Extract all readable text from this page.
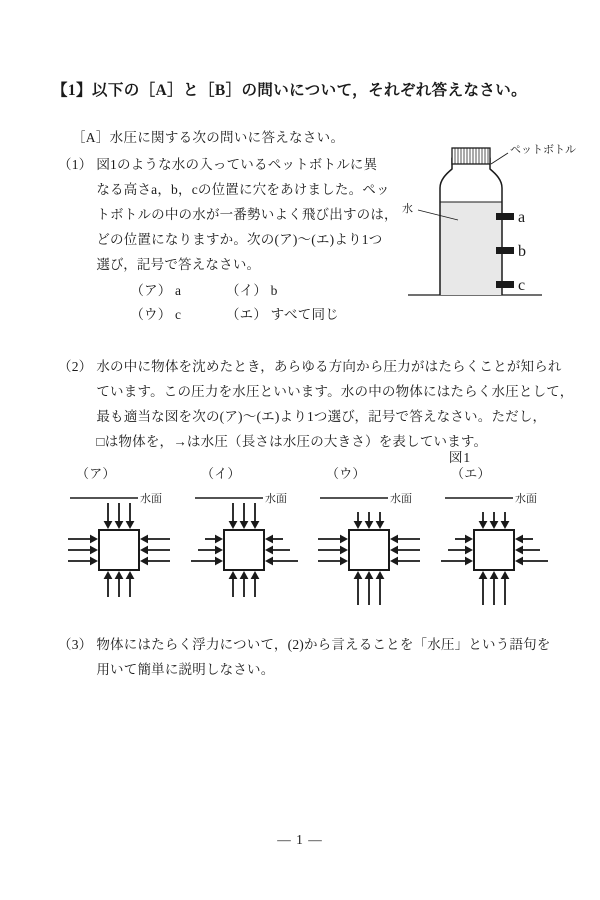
【1】以下の［A］と［B］の問いについて，それぞれ答えなさい。
［A］水圧に関する次の問いに答えなさい。
（1） 図1のような水の入っているペットボトルに異
なる高さa，b，cの位置に穴をあけました。ペッ
トボトルの中の水が一番勢いよく飛び出すのは，
どの位置になりますか。次の(ア)～(エ)より1つ
選び，記号で答えなさい。
（ア） a	（イ） b
（ウ） c	（エ） すべて同じ
a
b
c
ペットボトル
水
図1
（2） 水の中に物体を沈めたとき，あらゆる方向から圧力がはたらくことが知られ
ています。この圧力を水圧といいます。水の中の物体にはたらく水圧として，
最も適当な図を次の(ア)～(エ)より1つ選び，記号で答えなさい。ただし，
□は物体を，→は水圧（長さは水圧の大きさ）を表しています。
（ア）	（イ）	（ウ）	（エ）
水面	水面	水面	水面
（3） 物体にはたらく浮力について，(2)から言えることを「水圧」という語句を
用いて簡単に説明しなさい。
— 1 —
